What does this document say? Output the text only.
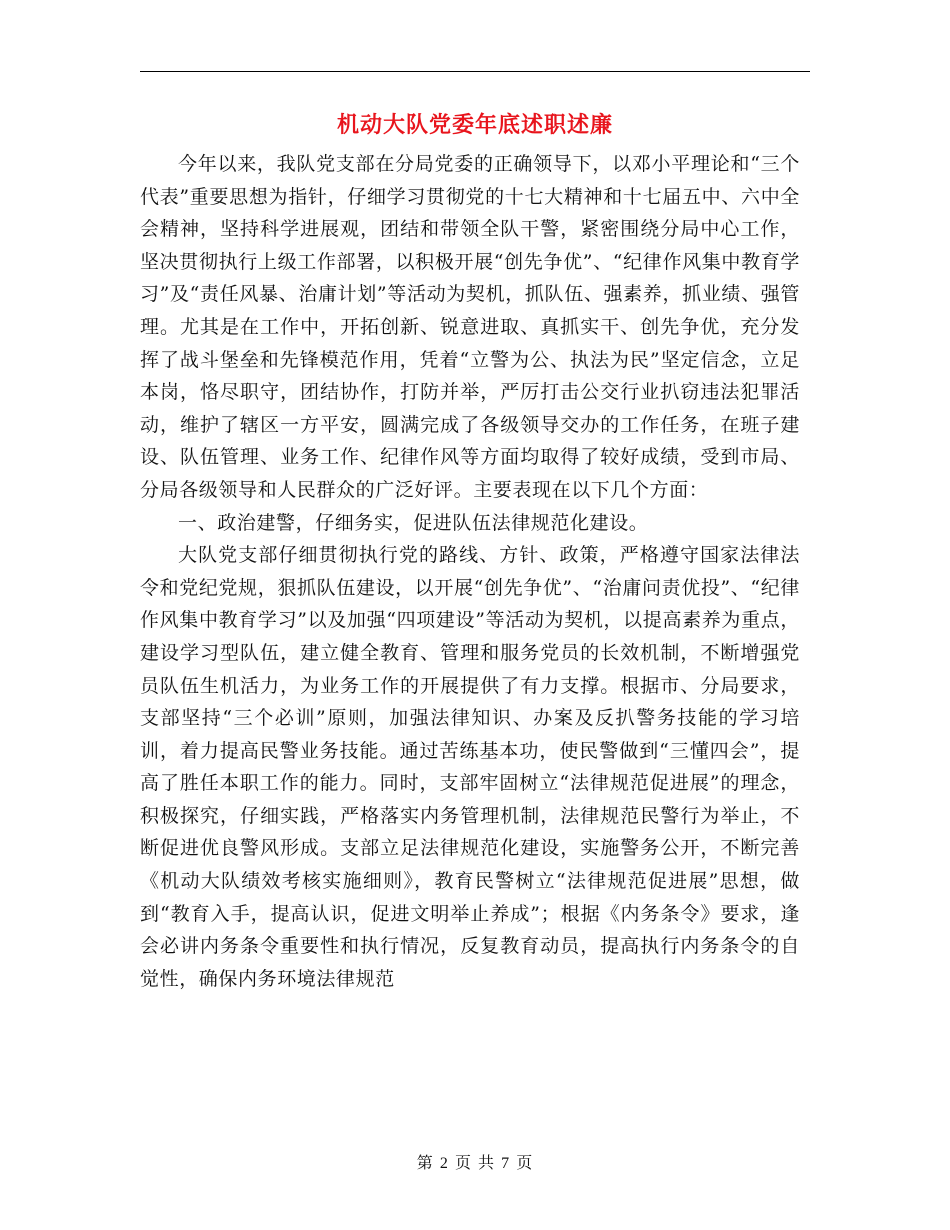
机动大队党委年底述职述廉

今年以来，我队党支部在分局党委的正确领导下，以邓小平理论和“三个代表”重要思想为指针，仔细学习贯彻党的十七大精神和十七届五中、六中全会精神，坚持科学进展观，团结和带领全队干警，紧密围绕分局中心工作，坚决贯彻执行上级工作部署，以积极开展“创先争优”、“纪律作风集中教育学习”及“责任风暴、治庸计划”等活动为契机，抓队伍、强素养，抓业绩、强管理。尤其是在工作中，开拓创新、锐意进取、真抓实干、创先争优，充分发挥了战斗堡垒和先锋模范作用，凭着“立警为公、执法为民”坚定信念，立足本岗，恪尽职守，团结协作，打防并举，严厉打击公交行业扒窃违法犯罪活动，维护了辖区一方平安，圆满完成了各级领导交办的工作任务，在班子建设、队伍管理、业务工作、纪律作风等方面均取得了较好成绩，受到市局、分局各级领导和人民群众的广泛好评。主要表现在以下几个方面：

一、政治建警，仔细务实，促进队伍法律规范化建设。

大队党支部仔细贯彻执行党的路线、方针、政策，严格遵守国家法律法令和党纪党规，狠抓队伍建设，以开展“创先争优”、“治庸问责优投”、“纪律作风集中教育学习”以及加强“四项建设”等活动为契机，以提高素养为重点，建设学习型队伍，建立健全教育、管理和服务党员的长效机制，不断增强党员队伍生机活力，为业务工作的开展提供了有力支撑。根据市、分局要求，支部坚持“三个必训”原则，加强法律知识、办案及反扒警务技能的学习培训，着力提高民警业务技能。通过苦练基本功，使民警做到“三懂四会”，提高了胜任本职工作的能力。同时，支部牢固树立“法律规范促进展”的理念，积极探究，仔细实践，严格落实内务管理机制，法律规范民警行为举止，不断促进优良警风形成。支部立足法律规范化建设，实施警务公开，不断完善《机动大队绩效考核实施细则》，教育民警树立“法律规范促进展”思想，做到“教育入手，提高认识，促进文明举止养成”；根据《内务条令》要求，逢会必讲内务条令重要性和执行情况，反复教育动员，提高执行内务条令的自觉性，确保内务环境法律规范

第 2 页 共 7 页
